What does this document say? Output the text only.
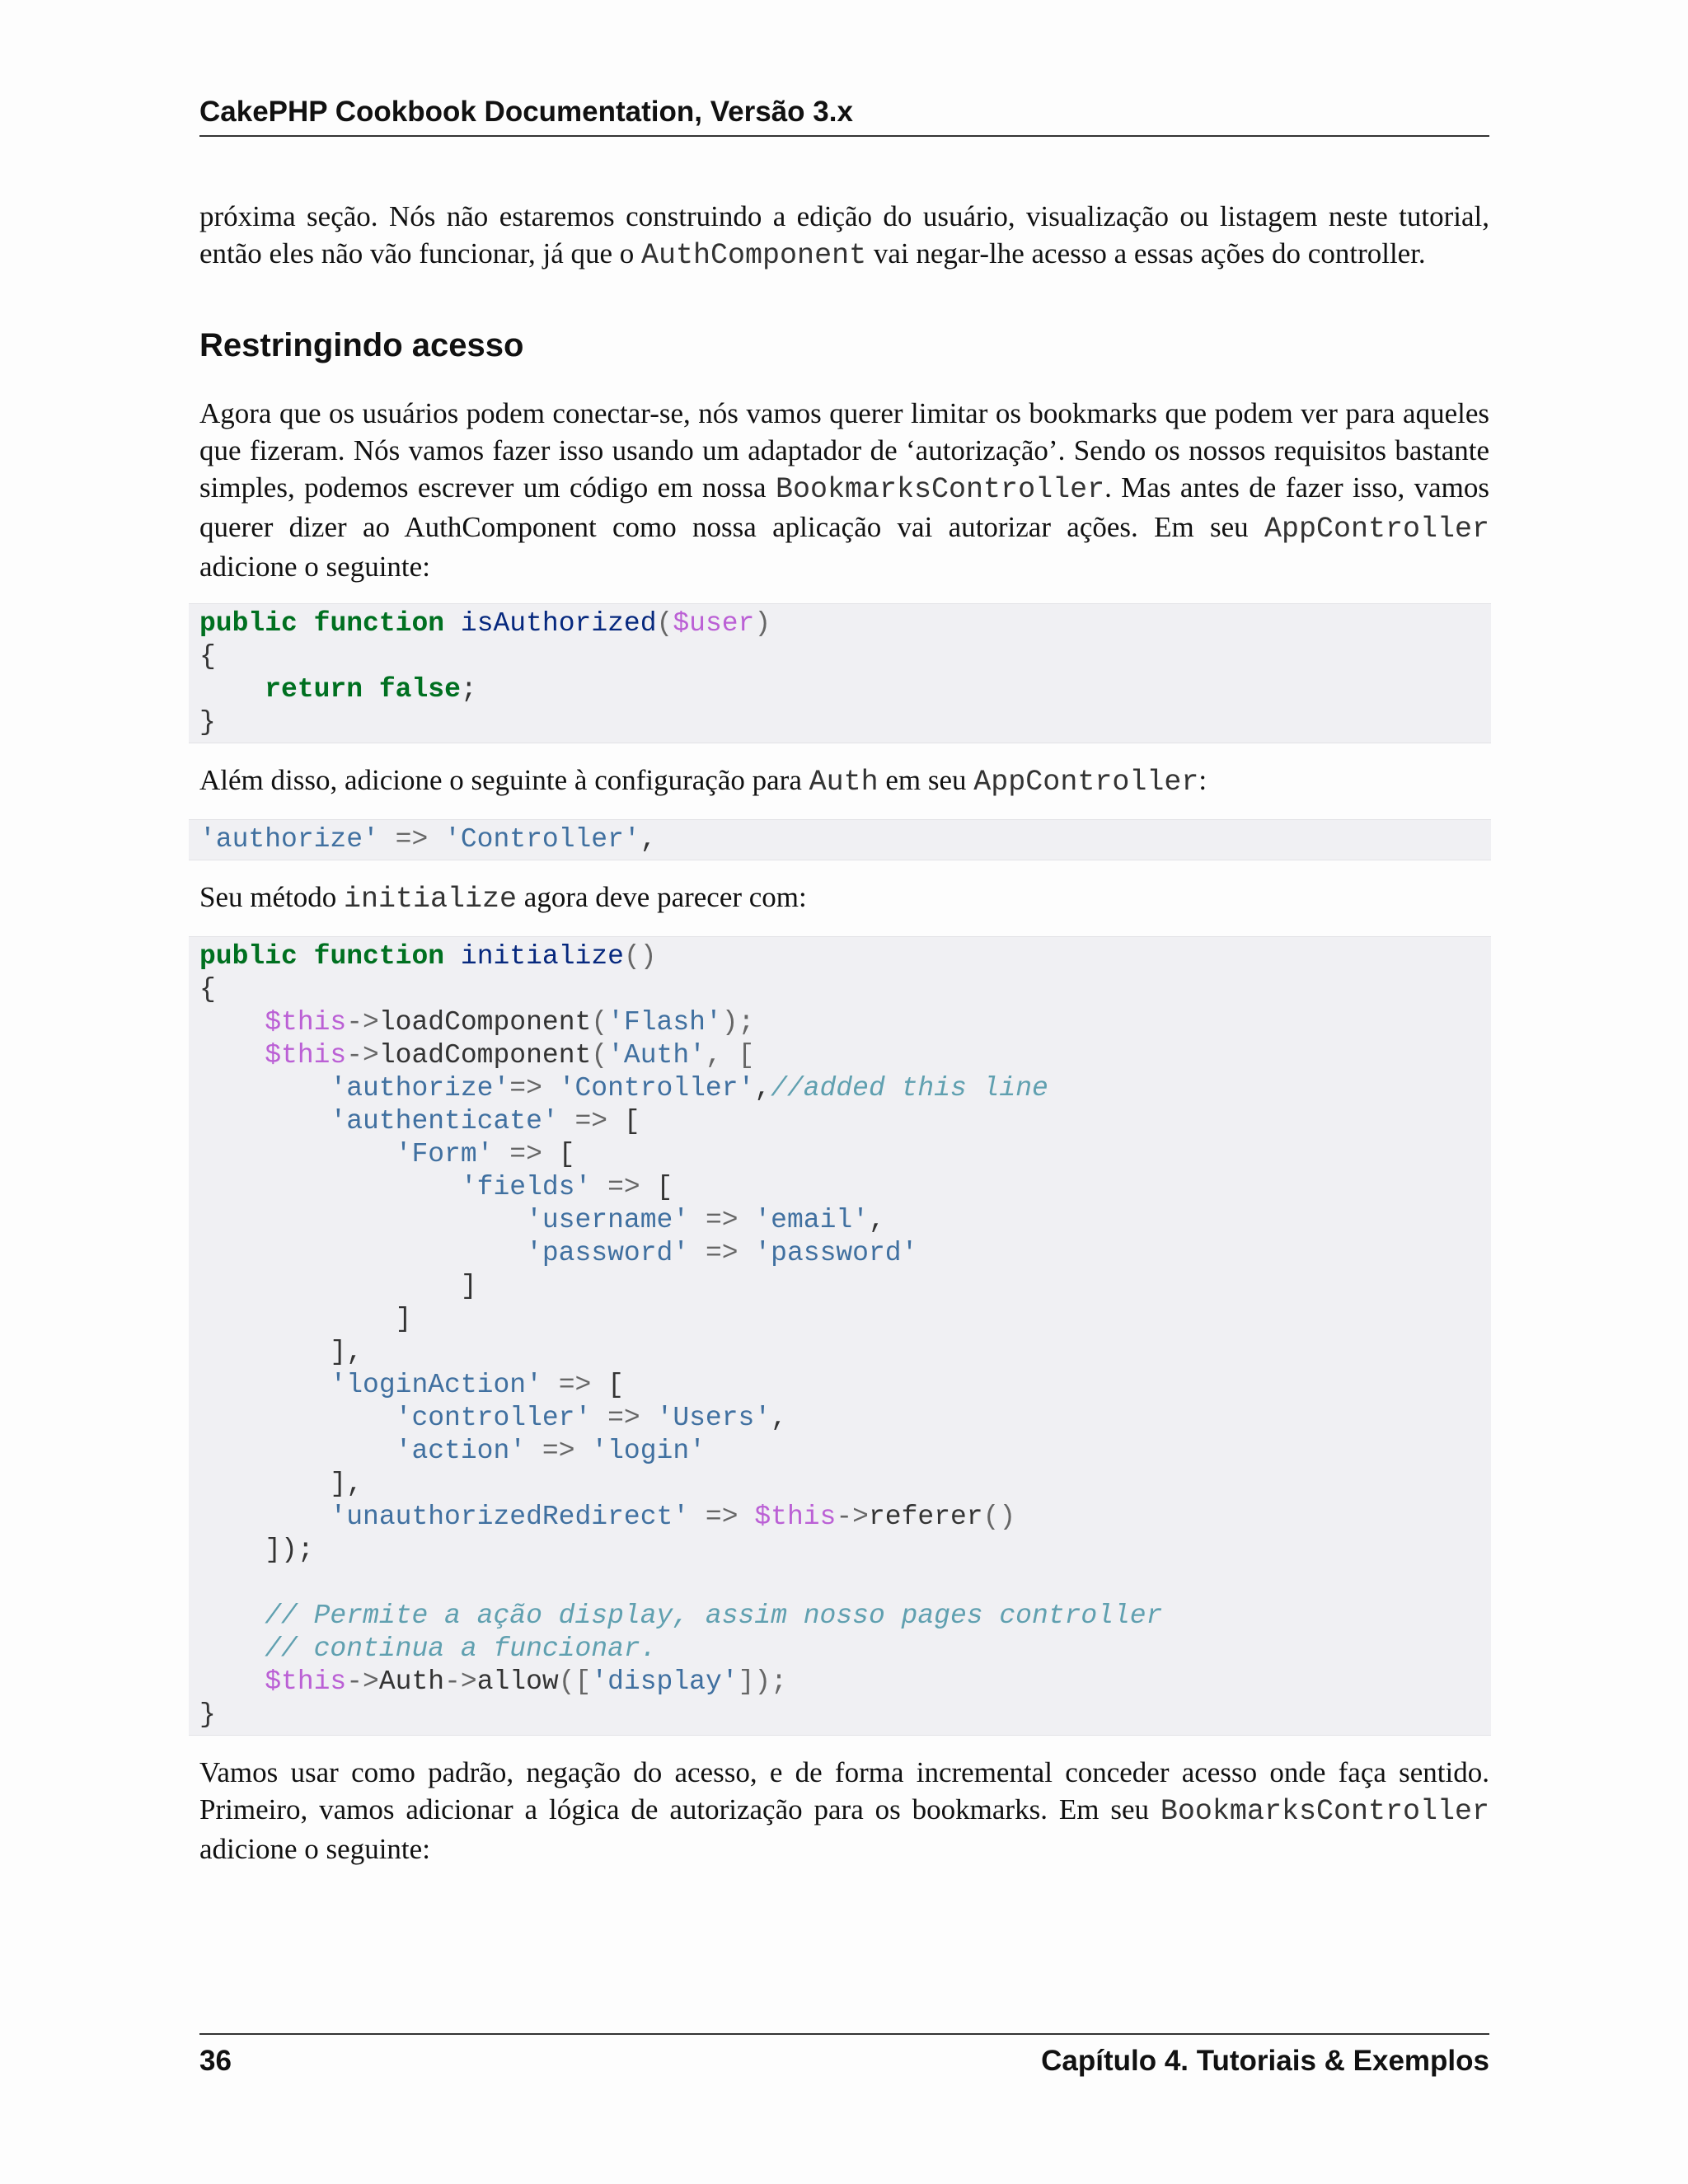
CakePHP Cookbook Documentation, Versão 3.x

próxima seção. Nós não estaremos construindo a edição do usuário, visualização ou listagem neste tutorial, então eles não vão funcionar, já que o AuthComponent vai negar-lhe acesso a essas ações do controller.

Restringindo acesso

Agora que os usuários podem conectar-se, nós vamos querer limitar os bookmarks que podem ver para aqueles que fizeram. Nós vamos fazer isso usando um adaptador de ‘autorização’. Sendo os nossos requisitos bastante simples, podemos escrever um código em nossa BookmarksController. Mas antes de fazer isso, vamos querer dizer ao AuthComponent como nossa aplicação vai autorizar ações. Em seu AppController adicione o seguinte:

public function isAuthorized($user)
{
return false;
}

Além disso, adicione o seguinte à configuração para Auth em seu AppController:

'authorize' => 'Controller',

Seu método initialize agora deve parecer com:

public function initialize()
{
$this->loadComponent('Flash');
$this->loadComponent('Auth', [
'authorize'=> 'Controller',//added this line
'authenticate' => [
'Form' => [
'fields' => [
'username' => 'email',
'password' => 'password'
]
]
],
'loginAction' => [
'controller' => 'Users',
'action' => 'login'
],
'unauthorizedRedirect' => $this->referer()
]);
// Permite a ação display, assim nosso pages controller
// continua a funcionar.
$this->Auth->allow(['display']);
}

Vamos usar como padrão, negação do acesso, e de forma incremental conceder acesso onde faça sentido. Primeiro, vamos adicionar a lógica de autorização para os bookmarks. Em seu BookmarksController adicione o seguinte:

36	Capítulo 4. Tutoriais & Exemplos
